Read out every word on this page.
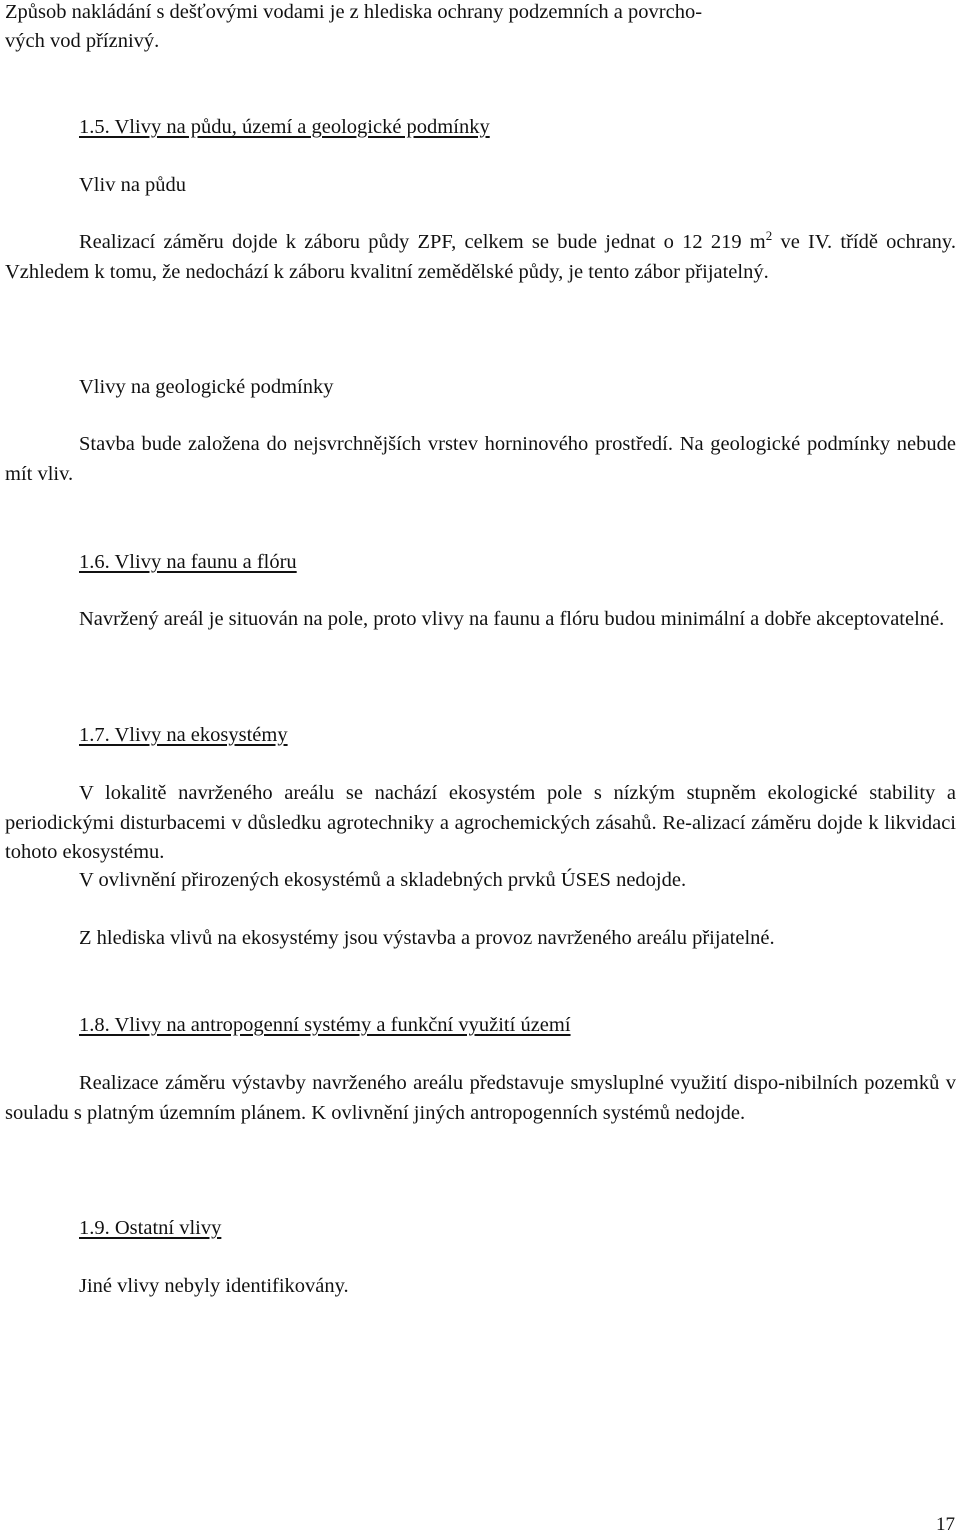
Způsob nakládání s dešťovými vodami je z hlediska ochrany podzemních a povrcho-

vých vod příznivý.

1.5. Vlivy na půdu, území a geologické podmínky

Vliv na půdu

Realizací záměru dojde k záboru půdy ZPF, celkem se bude jednat o 12 219 $m^2$ ve IV. třídě ochrany. Vzhledem k tomu, že nedochází k záboru kvalitní zemědělské půdy, je tento zábor přijatelný.

Vlivy na geologické podmínky

Stavba bude založena do nejsvrchnějších vrstev horninového prostředí. Na geologické podmínky nebude mít vliv.

1.6. Vlivy na faunu a flóru

Navržený areál je situován na pole, proto vlivy na faunu a flóru budou minimální a dobře akceptovatelné.

1.7. Vlivy na ekosystémy

V lokalitě navrženého areálu se nachází ekosystém pole s nízkým stupněm ekologické stability a periodickými disturbacemi v důsledku agrotechniky a agrochemických zásahů. Re-alizací záměru dojde k likvidaci tohoto ekosystému.

V ovlivnění přirozených ekosystémů a skladebných prvků ÚSES nedojde.

Z hlediska vlivů na ekosystémy jsou výstavba a provoz navrženého areálu přijatelné.

1.8. Vlivy na antropogenní systémy a funkční využití území

Realizace záměru výstavby navrženého areálu představuje smysluplné využití dispo-nibilních pozemků v souladu s platným územním plánem. K ovlivnění jiných antropogenních systémů nedojde.

1.9. Ostatní vlivy

Jiné vlivy nebyly identifikovány.

17
